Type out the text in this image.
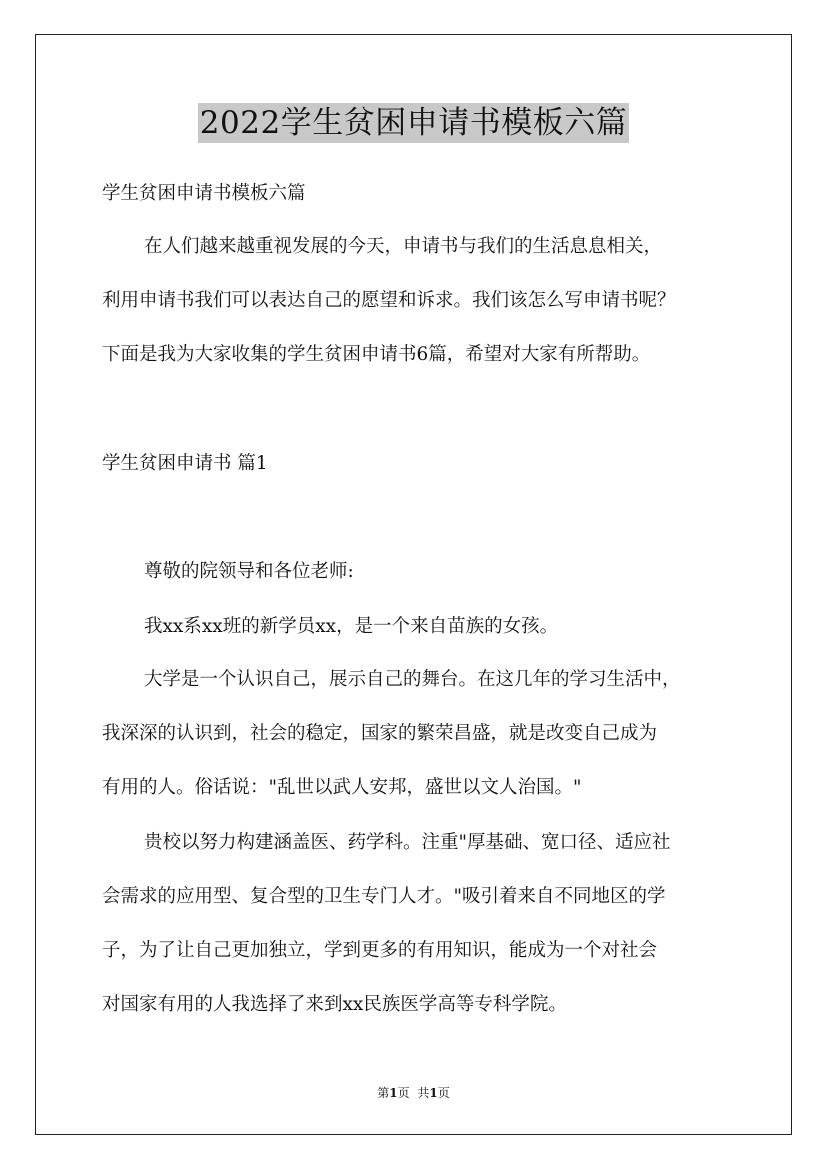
2022学生贫困申请书模板六篇
学生贫困申请书模板六篇
在人们越来越重视发展的今天，申请书与我们的生活息息相关，
利用申请书我们可以表达自己的愿望和诉求。我们该怎么写申请书呢？
下面是我为大家收集的学生贫困申请书6篇，希望对大家有所帮助。
学生贫困申请书 篇1
尊敬的院领导和各位老师:
我xx系xx班的新学员xx，是一个来自苗族的女孩。
大学是一个认识自己，展示自己的舞台。在这几年的学习生活中，
我深深的认识到，社会的稳定，国家的繁荣昌盛，就是改变自己成为
有用的人。俗话说："乱世以武人安邦，盛世以文人治国。"
贵校以努力构建涵盖医、药学科。注重"厚基础、宽口径、适应社
会需求的应用型、复合型的卫生专门人才。"吸引着来自不同地区的学
子，为了让自己更加独立，学到更多的有用知识，能成为一个对社会
对国家有用的人我选择了来到xx民族医学高等专科学院。
第1页 共1页
